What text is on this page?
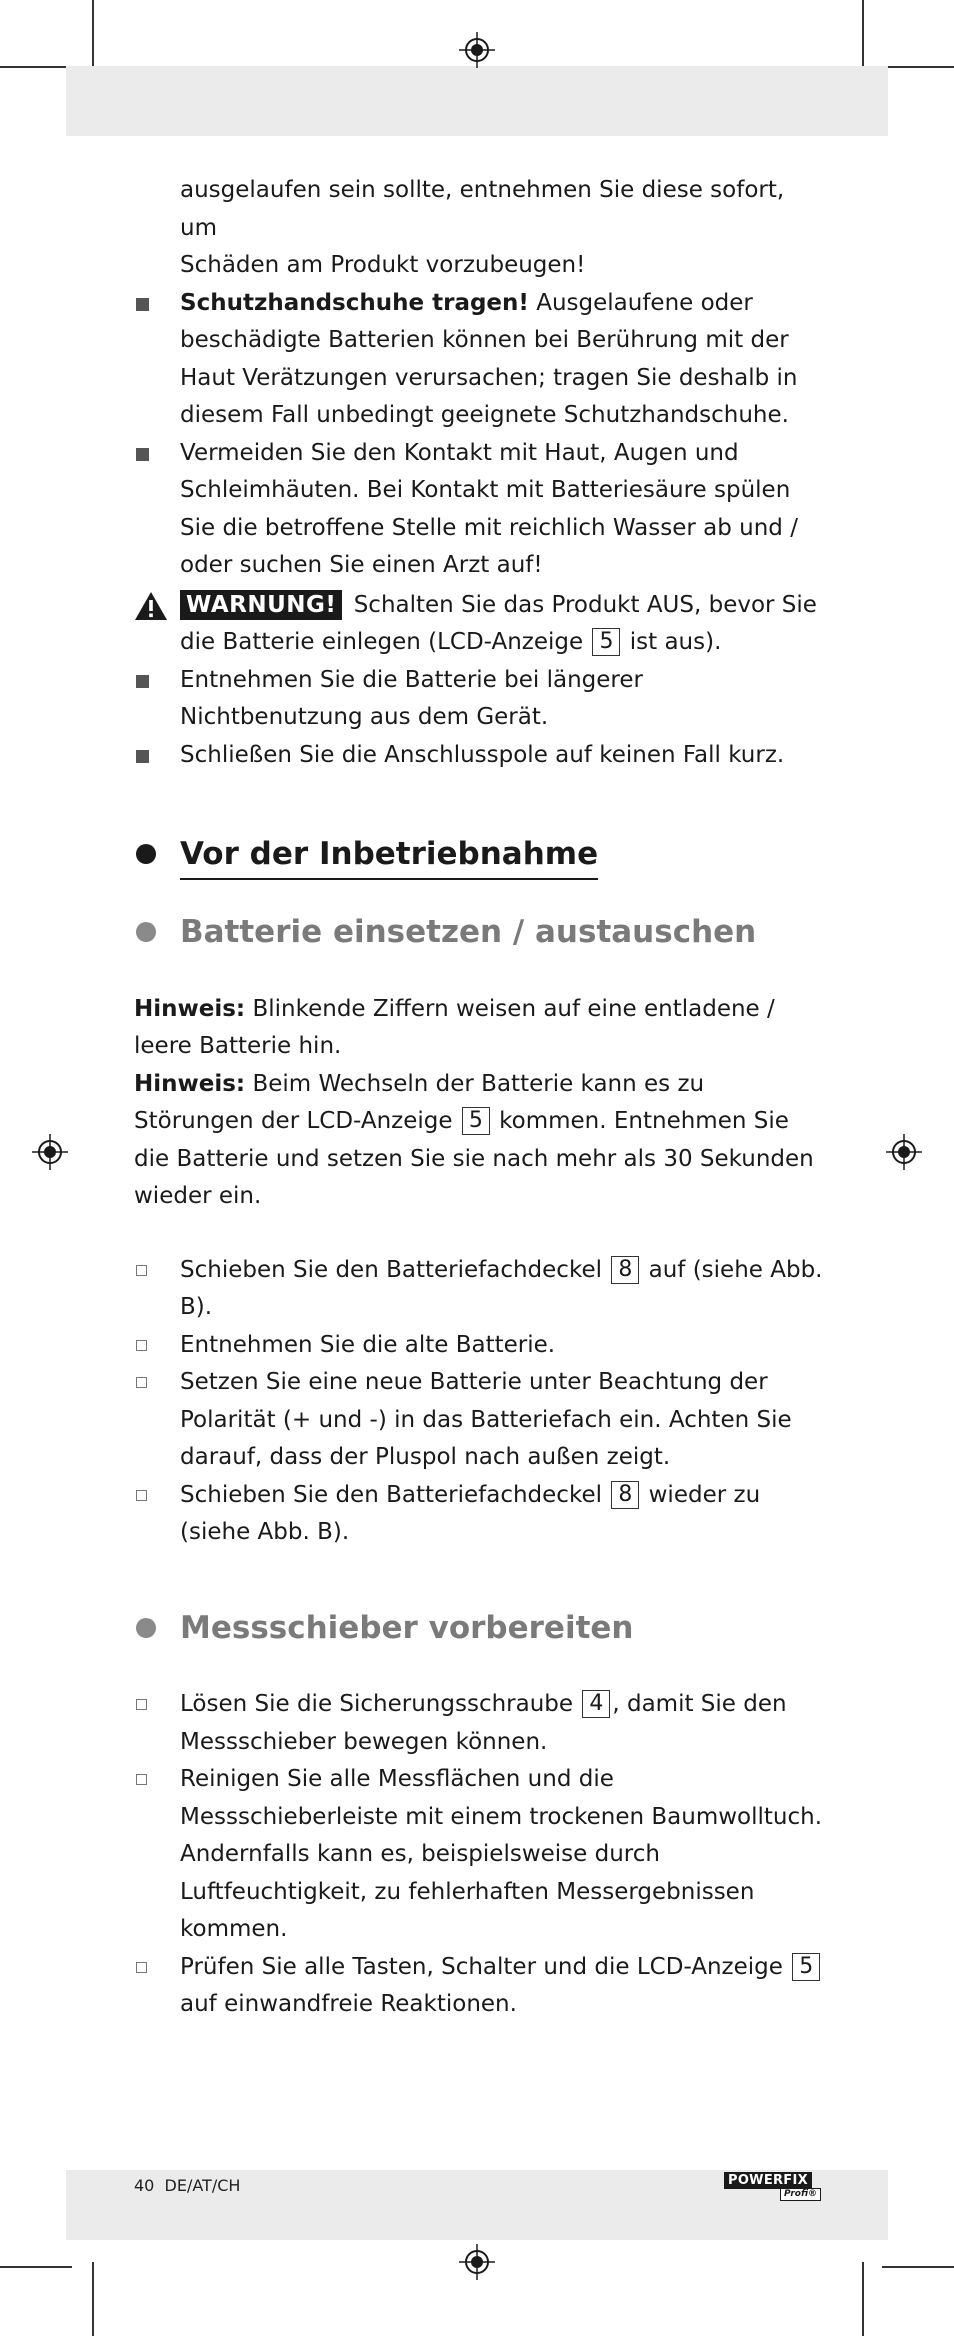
ausgelaufen sein sollte, entnehmen Sie diese sofort, um
Schäden am Produkt vorzubeugen!
Schutzhandschuhe tragen! Ausgelaufene oder beschädigte Batterien können bei Berührung mit der Haut Verätzungen verursachen; tragen Sie deshalb in diesem Fall unbedingt geeignete Schutzhandschuhe.
Vermeiden Sie den Kontakt mit Haut, Augen und Schleimhäuten. Bei Kontakt mit Batteriesäure spülen Sie die betroffene Stelle mit reichlich Wasser ab und / oder suchen Sie einen Arzt auf!
WARNUNG! Schalten Sie das Produkt AUS, bevor Sie die Batterie einlegen (LCD-Anzeige 5 ist aus).
Entnehmen Sie die Batterie bei längerer Nichtbenutzung aus dem Gerät.
Schließen Sie die Anschlusspole auf keinen Fall kurz.
Vor der Inbetriebnahme
Batterie einsetzen / austauschen

Hinweis: Blinkende Ziffern weisen auf eine entladene / leere Batterie hin.

Hinweis: Beim Wechseln der Batterie kann es zu Störungen der LCD-Anzeige 5 kommen. Entnehmen Sie die Batterie und setzen Sie sie nach mehr als 30 Sekunden wieder ein.

Schieben Sie den Batteriefachdeckel 8 auf (siehe Abb. B).
Entnehmen Sie die alte Batterie.
Setzen Sie eine neue Batterie unter Beachtung der Polarität (+ und -) in das Batteriefach ein. Achten Sie darauf, dass der Pluspol nach außen zeigt.
Schieben Sie den Batteriefachdeckel 8 wieder zu (siehe Abb. B).
Messschieber vorbereiten
Lösen Sie die Sicherungsschraube 4 , damit Sie den Messschieber bewegen können.
Reinigen Sie alle Messflächen und die Messschieberleiste mit einem trockenen Baumwolltuch. Andernfalls kann es, beispielsweise durch Luftfeuchtigkeit, zu fehlerhaften Messergebnissen kommen.
Prüfen Sie alle Tasten, Schalter und die LCD-Anzeige 5 auf einwandfreie Reaktionen.
40 DE/AT/CH	POWERFIX
Profi®
